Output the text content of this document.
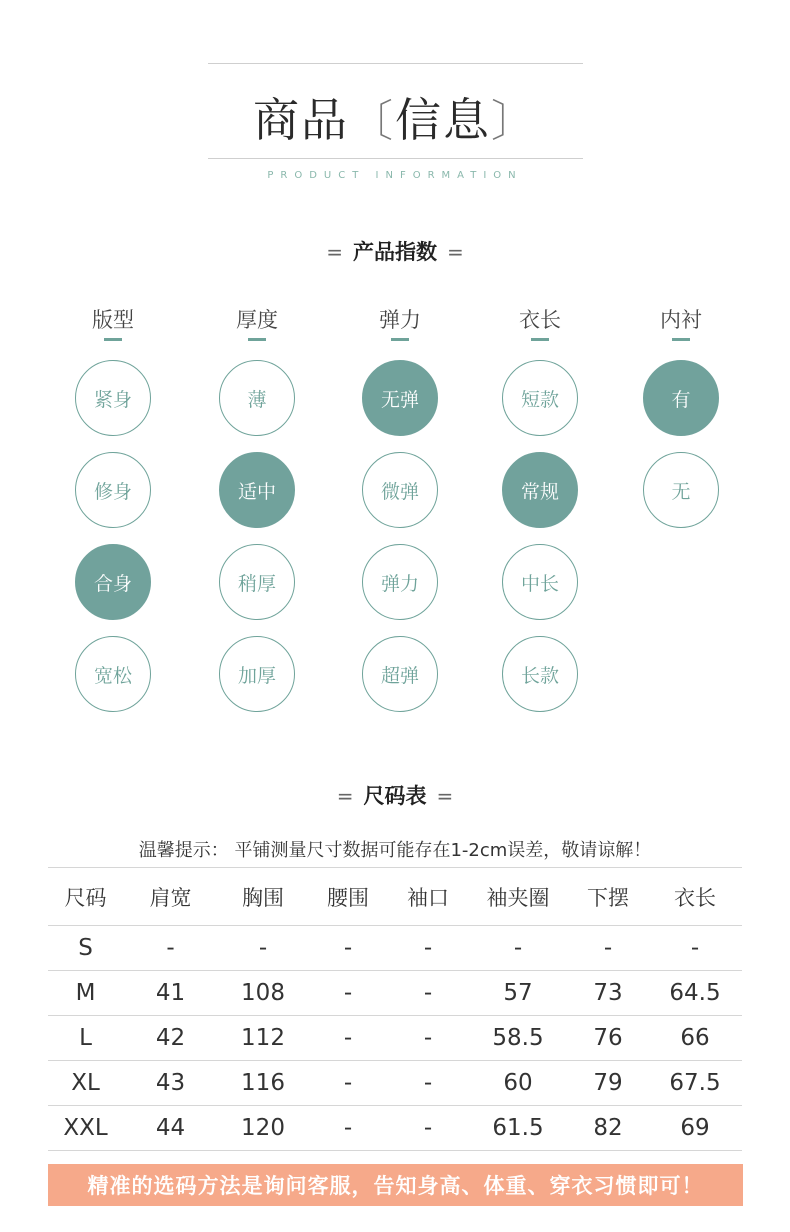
商品〔信息〕
PRODUCT INFORMATION
= 产品指数 =
版型
紧身
修身
合身
宽松
厚度
薄
适中
稍厚
加厚
弹力
无弹
微弹
弹力
超弹
衣长
短款
常规
中长
长款
内衬
有
无
= 尺码表 =
温馨提示： 平铺测量尺寸数据可能存在1-2cm误差，敬请谅解！
尺码	肩宽	胸围	腰围	袖口	袖夹圈	下摆	衣长
S	-	-	-	-	-	-	-
M	41	108	-	-	57	73	64.5
L	42	112	-	-	58.5	76	66
XL	43	116	-	-	60	79	67.5
XXL	44	120	-	-	61.5	82	69
精准的选码方法是询问客服，告知身高、体重、穿衣习惯即可！
